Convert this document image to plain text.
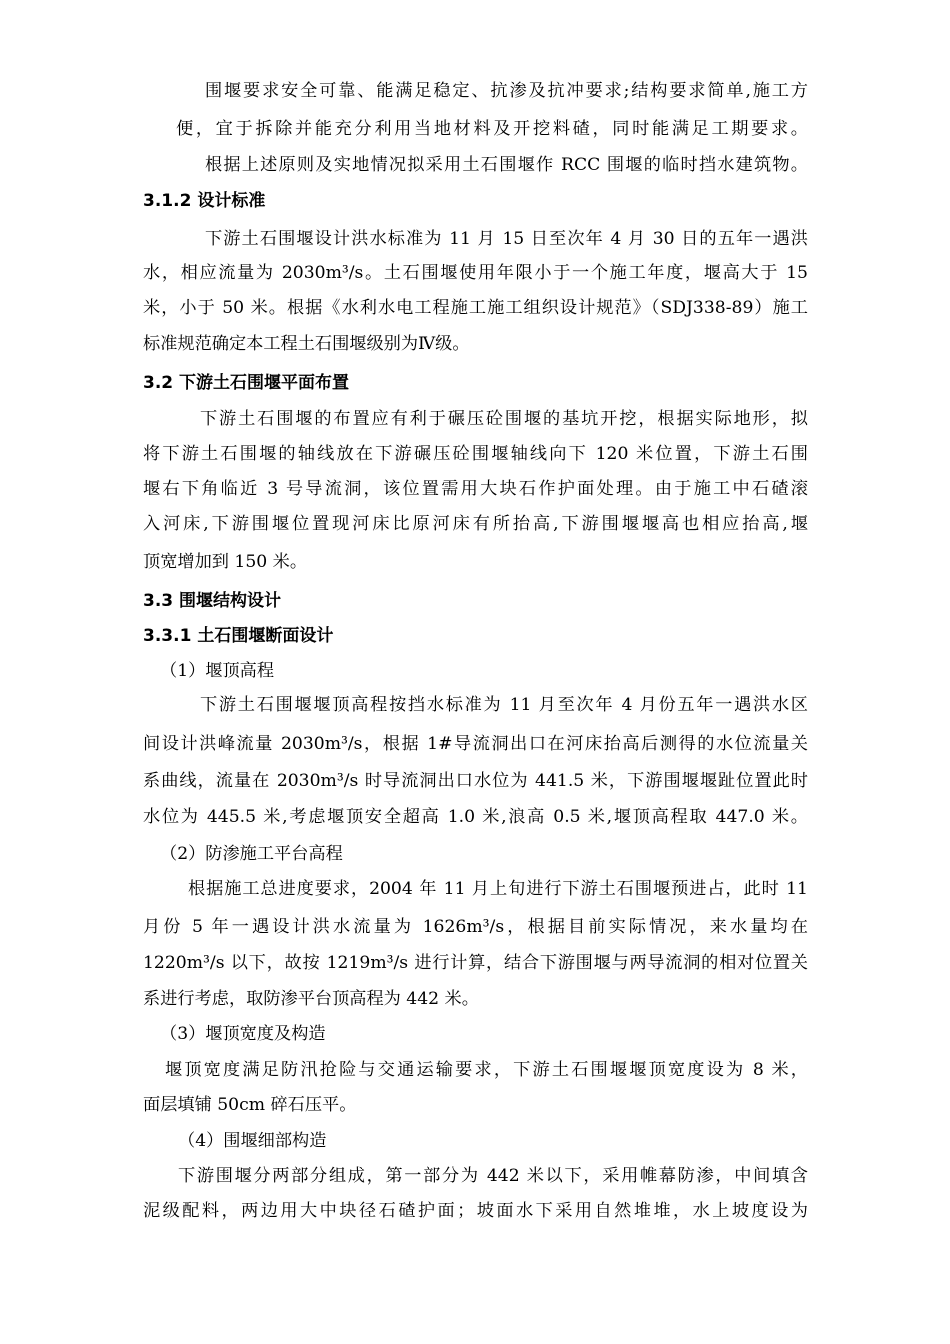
围堰要求安全可靠、能满足稳定、抗渗及抗冲要求;结构要求简单,施工方
便，宜于拆除并能充分利用当地材料及开挖料碴，同时能满足工期要求。
根据上述原则及实地情况拟采用土石围堰作 RCC 围堰的临时挡水建筑物。
3.1.2 设计标准
下游土石围堰设计洪水标准为 11 月 15 日至次年 4 月 30 日的五年一遇洪
水，相应流量为 2030m³/s。土石围堰使用年限小于一个施工年度，堰高大于 15
米，小于 50 米。根据《水利水电工程施工施工组织设计规范》（SDJ338-89）施工
标准规范确定本工程土石围堰级别为Ⅳ级。
3.2 下游土石围堰平面布置
下游土石围堰的布置应有利于碾压砼围堰的基坑开挖，根据实际地形，拟
将下游土石围堰的轴线放在下游碾压砼围堰轴线向下 120 米位置，下游土石围
堰右下角临近 3 号导流洞，该位置需用大块石作护面处理。由于施工中石碴滚
入河床,下游围堰位置现河床比原河床有所抬高,下游围堰堰高也相应抬高,堰
顶宽增加到 150 米。
3.3 围堰结构设计
3.3.1 土石围堰断面设计
（1）堰顶高程
下游土石围堰堰顶高程按挡水标准为 11 月至次年 4 月份五年一遇洪水区
间设计洪峰流量 2030m³/s，根据 1#导流洞出口在河床抬高后测得的水位流量关
系曲线，流量在 2030m³/s 时导流洞出口水位为 441.5 米，下游围堰堰趾位置此时
水位为 445.5 米,考虑堰顶安全超高 1.0 米,浪高 0.5 米,堰顶高程取 447.0 米。
（2）防渗施工平台高程
根据施工总进度要求，2004 年 11 月上旬进行下游土石围堰预进占，此时 11
月份 5 年一遇设计洪水流量为 1626m³/s，根据目前实际情况，来水量均在
1220m³/s 以下，故按 1219m³/s 进行计算，结合下游围堰与两导流洞的相对位置关
系进行考虑，取防渗平台顶高程为 442 米。
（3）堰顶宽度及构造
堰顶宽度满足防汛抢险与交通运输要求，下游土石围堰堰顶宽度设为 8 米，
面层填铺 50cm 碎石压平。
（4）围堰细部构造
下游围堰分两部分组成，第一部分为 442 米以下，采用帷幕防渗，中间填含
泥级配料，两边用大中块径石碴护面；坡面水下采用自然堆堆，水上坡度设为
